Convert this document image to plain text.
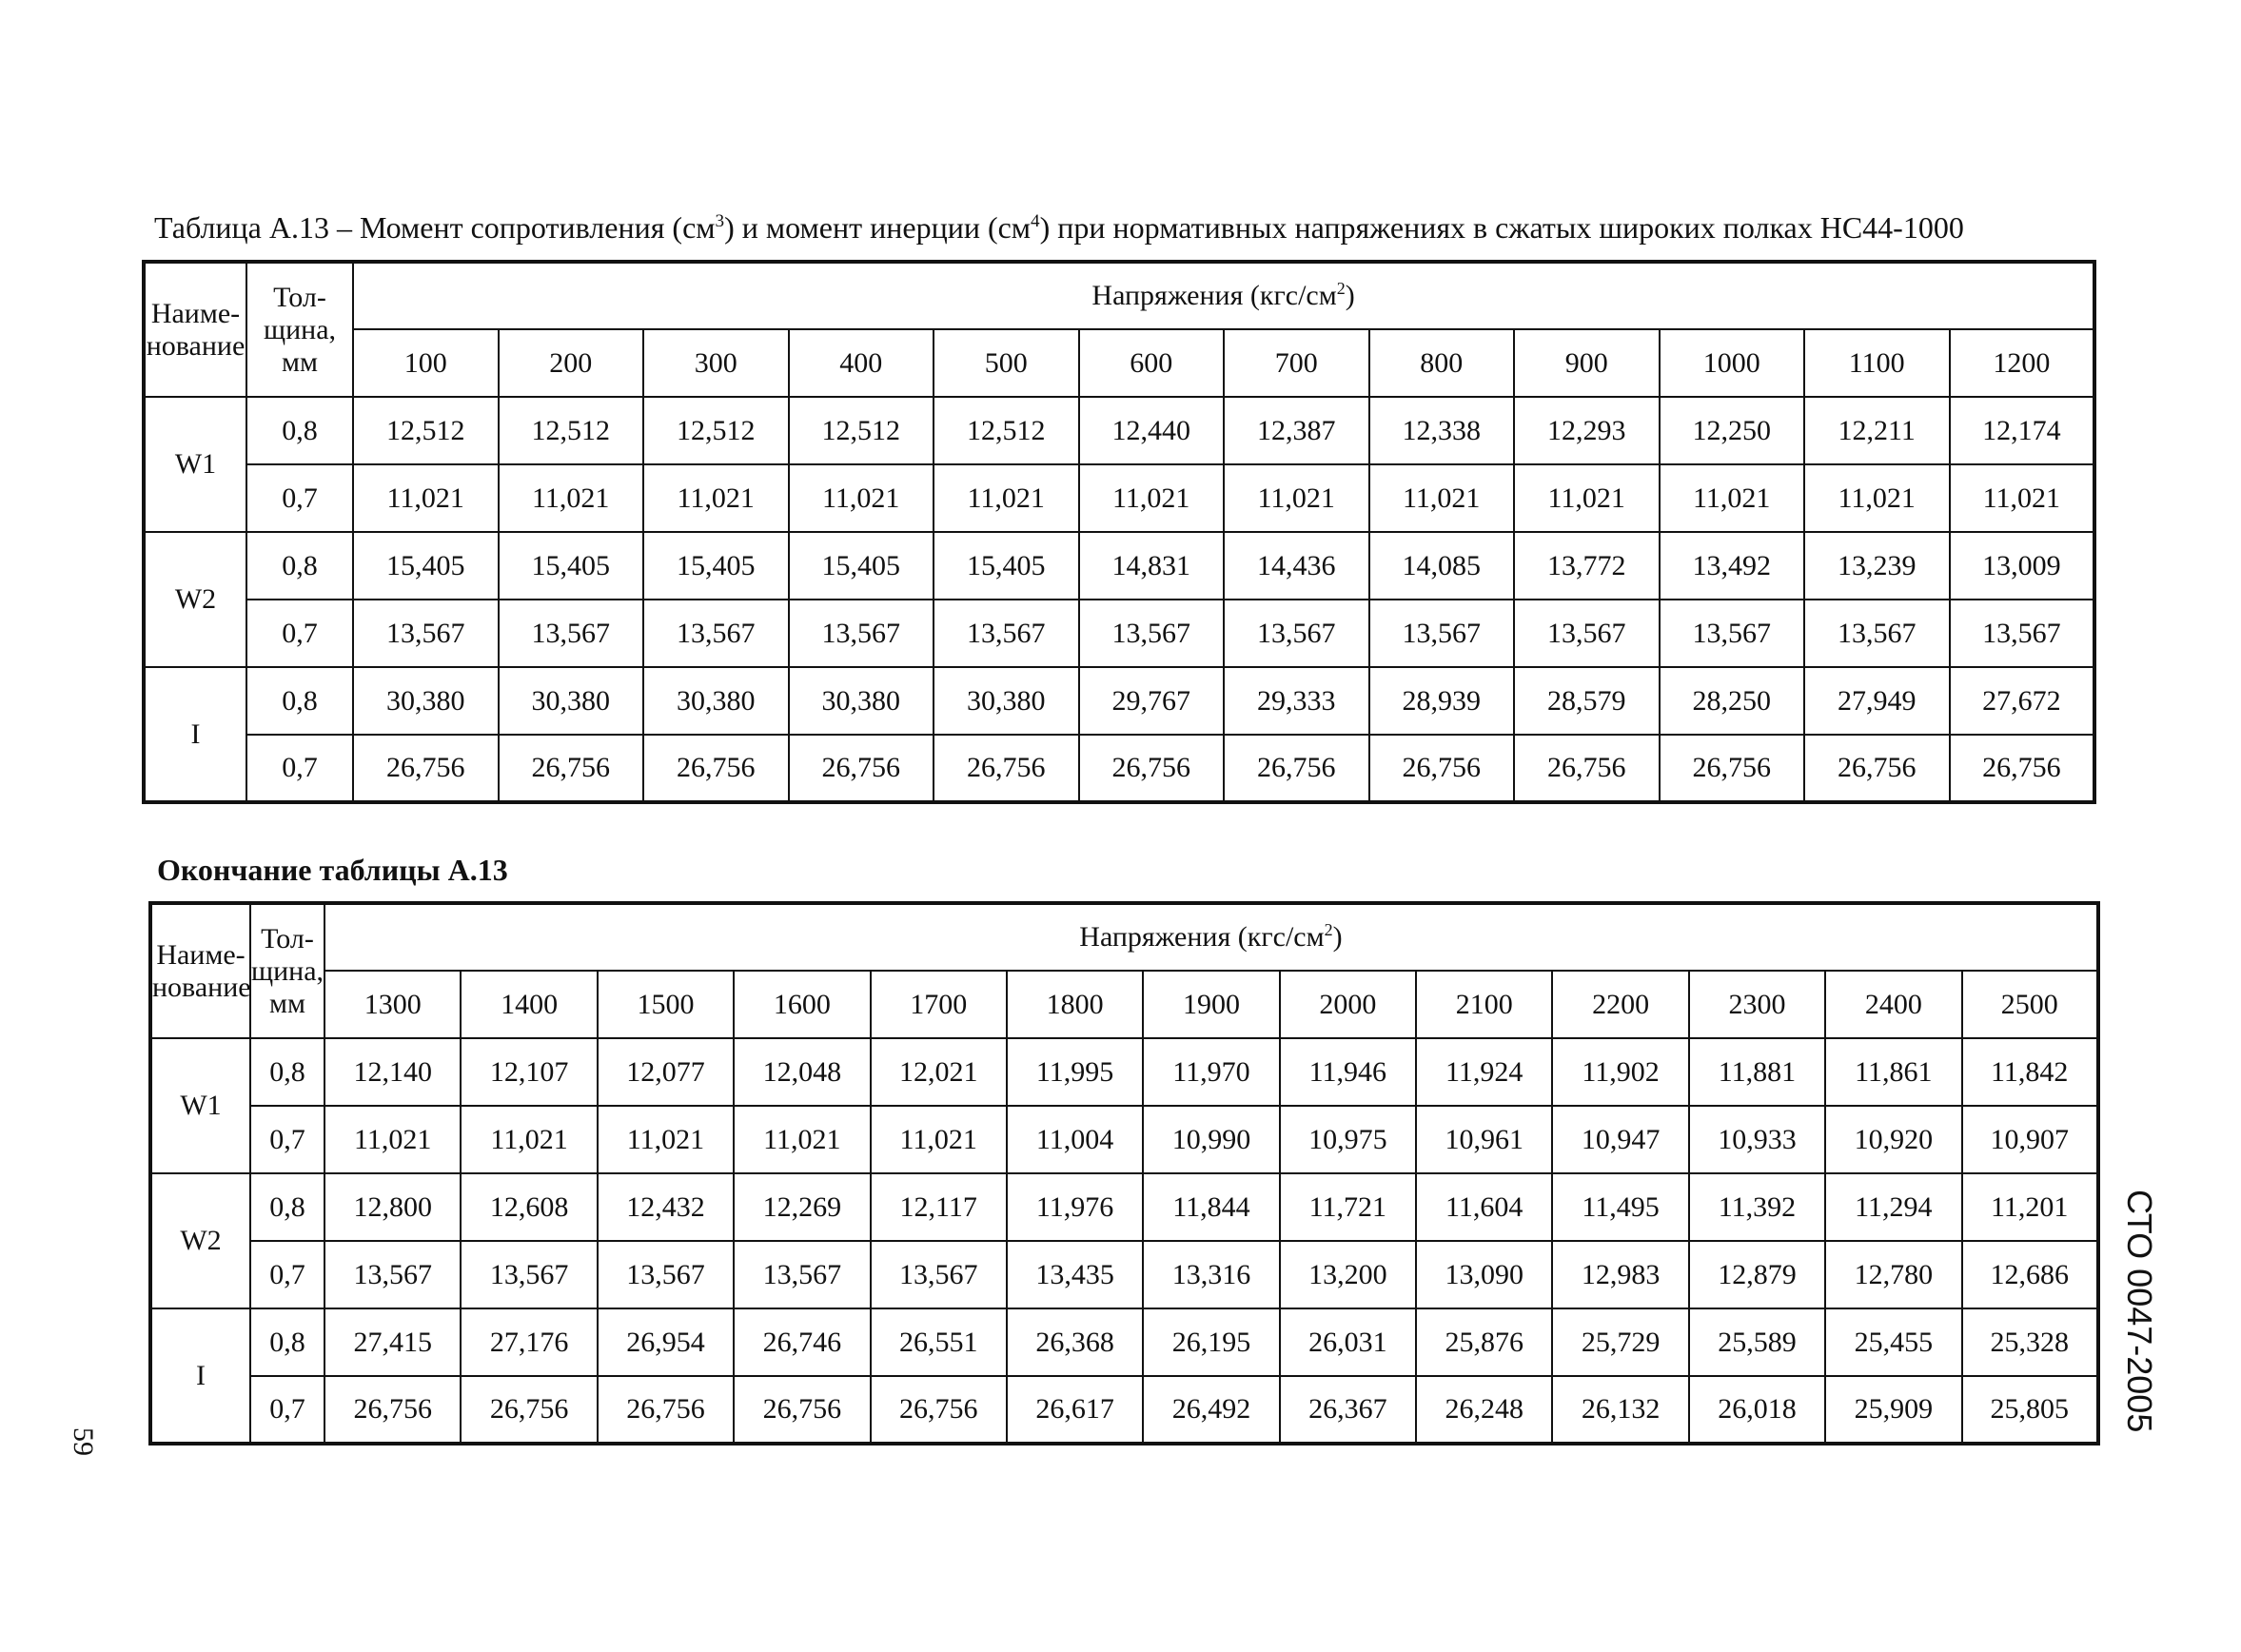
Таблица А.13 – Момент сопротивления $(см^3)$ и момент инерции $(см^4)$ при нормативных напряжениях в сжатых широких полках НС44-1000
Наиме-нование	Тол-щина, мм	Напряжения $(кгс/см^2)$											
		100	200	300	400	500	600	700	800	900	1000	1100	1200
W1	0,8	12,512	12,512	12,512	12,512	12,512	12,440	12,387	12,338	12,293	12,250	12,211	12,174
	0,7	11,021	11,021	11,021	11,021	11,021	11,021	11,021	11,021	11,021	11,021	11,021	11,021
W2	0,8	15,405	15,405	15,405	15,405	15,405	14,831	14,436	14,085	13,772	13,492	13,239	13,009
	0,7	13,567	13,567	13,567	13,567	13,567	13,567	13,567	13,567	13,567	13,567	13,567	13,567
I	0,8	30,380	30,380	30,380	30,380	30,380	29,767	29,333	28,939	28,579	28,250	27,949	27,672
	0,7	26,756	26,756	26,756	26,756	26,756	26,756	26,756	26,756	26,756	26,756	26,756	26,756
Окончание таблицы А.13
Наиме-нование	Тол-щина, мм	Напряжения $(кгс/см^2)$												
		1300	1400	1500	1600	1700	1800	1900	2000	2100	2200	2300	2400	2500
W1	0,8	12,140	12,107	12,077	12,048	12,021	11,995	11,970	11,946	11,924	11,902	11,881	11,861	11,842
	0,7	11,021	11,021	11,021	11,021	11,021	11,004	10,990	10,975	10,961	10,947	10,933	10,920	10,907
W2	0,8	12,800	12,608	12,432	12,269	12,117	11,976	11,844	11,721	11,604	11,495	11,392	11,294	11,201
	0,7	13,567	13,567	13,567	13,567	13,567	13,435	13,316	13,200	13,090	12,983	12,879	12,780	12,686
I	0,8	27,415	27,176	26,954	26,746	26,551	26,368	26,195	26,031	25,876	25,729	25,589	25,455	25,328
	0,7	26,756	26,756	26,756	26,756	26,756	26,617	26,492	26,367	26,248	26,132	26,018	25,909	25,805 СТО 0047-2005
59
